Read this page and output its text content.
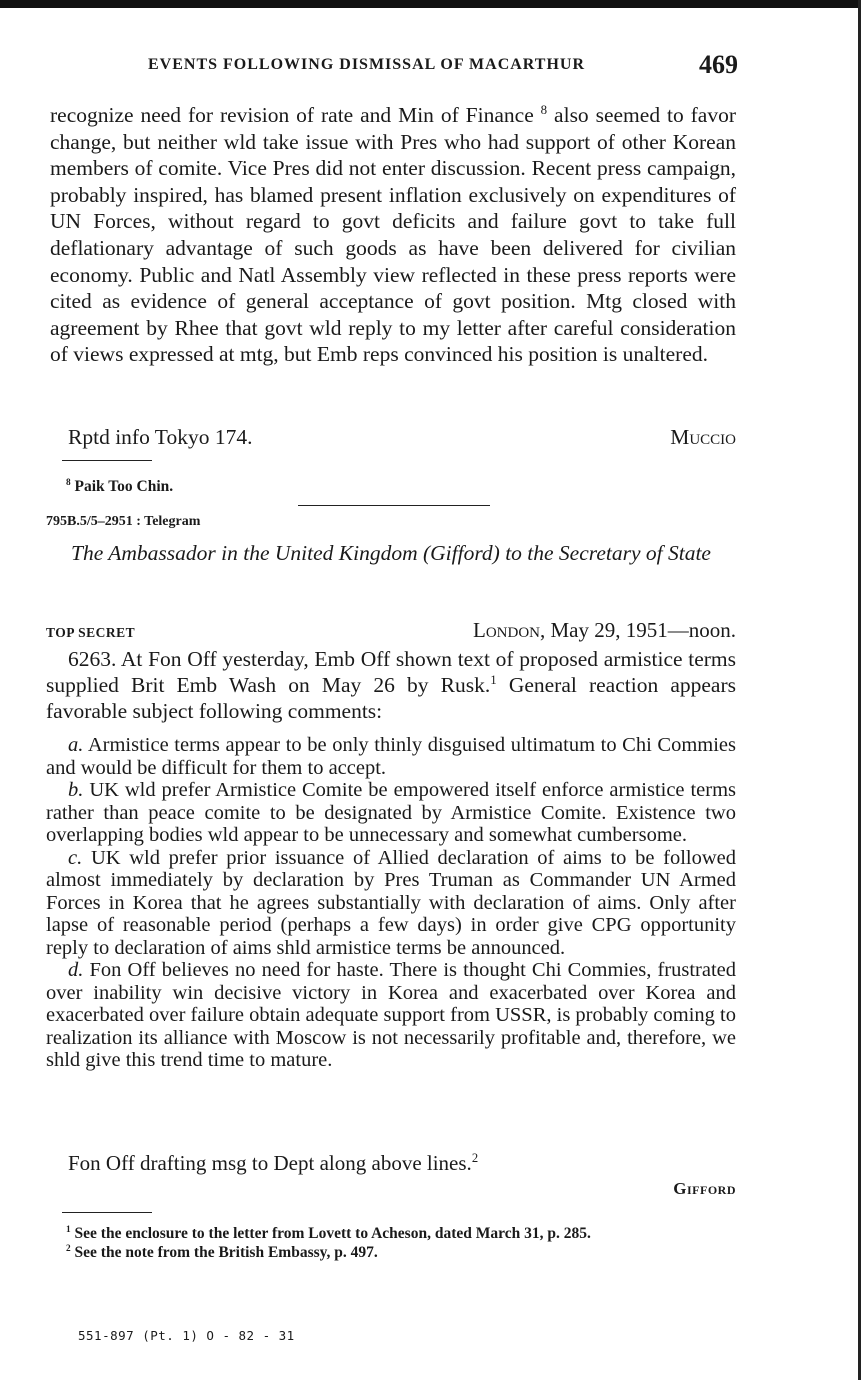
EVENTS FOLLOWING DISMISSAL OF MACARTHUR	469

recognize need for revision of rate and Min of Finance $^8$ also seemed to favor change, but neither wld take issue with Pres who had support of other Korean members of comite. Vice Pres did not enter discussion. Recent press campaign, probably inspired, has blamed present inflation exclusively on expenditures of UN Forces, without regard to govt deficits and failure govt to take full deflationary advantage of such goods as have been delivered for civilian economy. Public and Natl Assembly view reflected in these press reports were cited as evidence of general acceptance of govt position. Mtg closed with agreement by Rhee that govt wld reply to my letter after careful consideration of views expressed at mtg, but Emb reps convinced his position is unaltered.

Rptd info Tokyo 174.	Muccio
$^8$ Paik Too Chin.
795B.5/5–2951 : Telegram
The Ambassador in the United Kingdom (Gifford) to the Secretary of State
TOP SECRET	London, May 29, 1951—noon.

6263. At Fon Off yesterday, Emb Off shown text of proposed armistice terms supplied Brit Emb Wash on May 26 by Rusk.$^1$ General reaction appears favorable subject following comments:

a. Armistice terms appear to be only thinly disguised ultimatum to Chi Commies and would be difficult for them to accept.

b. UK wld prefer Armistice Comite be empowered itself enforce armistice terms rather than peace comite to be designated by Armistice Comite. Existence two overlapping bodies wld appear to be unnecessary and somewhat cumbersome.

c. UK wld prefer prior issuance of Allied declaration of aims to be followed almost immediately by declaration by Pres Truman as Commander UN Armed Forces in Korea that he agrees substantially with declaration of aims. Only after lapse of reasonable period (perhaps a few days) in order give CPG opportunity reply to declaration of aims shld armistice terms be announced.

d. Fon Off believes no need for haste. There is thought Chi Commies, frustrated over inability win decisive victory in Korea and exacerbated over Korea and exacerbated over failure obtain adequate support from USSR, is probably coming to realization its alliance with Moscow is not necessarily profitable and, therefore, we shld give this trend time to mature.

Fon Off drafting msg to Dept along above lines.$^2$
Gifford
$^1$ See the enclosure to the letter from Lovett to Acheson, dated March 31, p. 285.
$^2$ See the note from the British Embassy, p. 497.
551-897 (Pt. 1) O - 82 - 31
